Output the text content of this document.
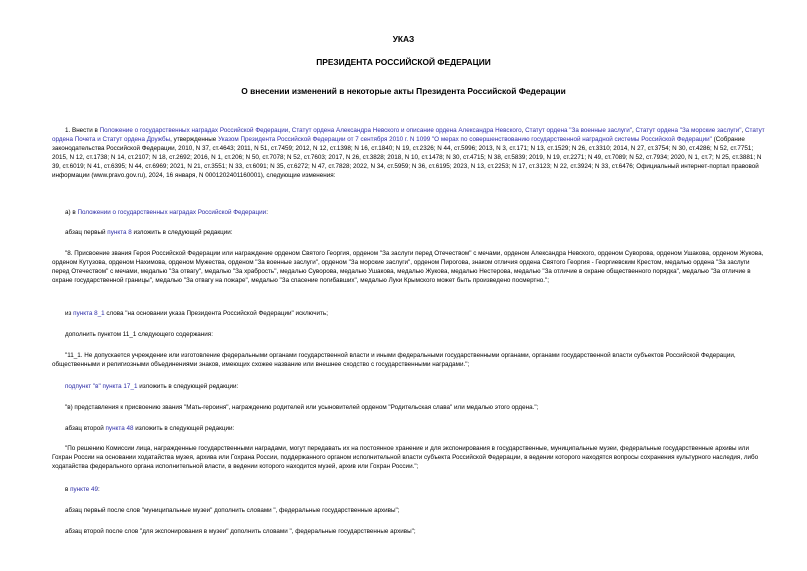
УКАЗ
ПРЕЗИДЕНТА РОССИЙСКОЙ ФЕДЕРАЦИИ
О внесении изменений в некоторые акты Президента Российской Федерации
1. Внести в Положение о государственных наградах Российской Федерации, Статут ордена Александра Невского и описание ордена Александра Невского, Статут ордена "За военные заслуги", Статут ордена "За морские заслуги", Статут ордена Почета и Статут ордена Дружбы, утвержденные Указом Президента Российской Федерации от 7 сентября 2010 г. N 1099 "О мерах по совершенствованию государственной наградной системы Российской Федерации" (Собрание законодательства Российской Федерации, 2010, N 37, ст.4643; 2011, N 51, ст.7459; 2012, N 12, ст.1398; N 16, ст.1840; N 19, ст.2326; N 44, ст.5996; 2013, N 3, ст.171; N 13, ст.1529; N 26, ст.3310; 2014, N 27, ст.3754; N 30, ст.4286; N 52, ст.7751; 2015, N 12, ст.1738; N 14, ст.2107; N 18, ст.2692; 2016, N 1, ст.206; N 50, ст.7078; N 52, ст.7603; 2017, N 26, ст.3828; 2018, N 10, ст.1478; N 30, ст.4715; N 38, ст.5839; 2019, N 19, ст.2271; N 49, ст.7089; N 52, ст.7934; 2020, N 1, ст.7; N 25, ст.3881; N 39, ст.6019; N 41, ст.6395; N 44, ст.6969; 2021, N 21, ст.3551; N 33, ст.6091; N 35, ст.6272; N 47, ст.7828; 2022, N 34, ст.5959; N 36, ст.6195; 2023, N 13, ст.2253; N 17, ст.3123; N 22, ст.3924; N 33, ст.6476; Официальный интернет-портал правовой информации (www.pravo.gov.ru), 2024, 16 января, N 0001202401160001), следующие изменения:
а) в Положении о государственных наградах Российской Федерации:
абзац первый пункта 8 изложить в следующей редакции:
"8. Присвоение звания Героя Российской Федерации или награждение орденом Святого Георгия, орденом "За заслуги перед Отечеством" с мечами, орденом Александра Невского, орденом Суворова, орденом Ушакова, орденом Жукова, орденом Кутузова, орденом Нахимова, орденом Мужества, орденом "За военные заслуги", орденом "За морские заслуги", орденом Пирогова, знаком отличия ордена Святого Георгия - Георгиевским Крестом, медалью ордена "За заслуги перед Отечеством" с мечами, медалью "За отвагу", медалью "За храбрость", медалью Суворова, медалью Ушакова, медалью Жукова, медалью Нестерова, медалью "За отличие в охране общественного порядка", медалью "За отличие в охране государственной границы", медалью "За отвагу на пожаре", медалью "За спасение погибавших", медалью Луки Крымского может быть произведено посмертно.";
из пункта 8_1 слова "на основании указа Президента Российской Федерации" исключить;
дополнить пунктом 11_1 следующего содержания:
"11_1. Не допускается учреждение или изготовление федеральными органами государственной власти и иными федеральными государственными органами, органами государственной власти субъектов Российской Федерации, общественными и религиозными объединениями знаков, имеющих схожее название или внешнее сходство с государственными наградами.";
подпункт "в" пункта 17_1 изложить в следующей редакции:
"в) представления к присвоению звания "Мать-героиня", награждению родителей или усыновителей орденом "Родительская слава" или медалью этого ордена.";
абзац второй пункта 48 изложить в следующей редакции:
"По решению Комиссии лица, награжденные государственными наградами, могут передавать их на постоянное хранение и для экспонирования в государственные, муниципальные музеи, федеральные государственные архивы или Гохран России на основании ходатайства музея, архива или Гохрана России, поддержанного органом исполнительной власти субъекта Российской Федерации, в ведении которого находятся вопросы сохранения культурного наследия, либо ходатайства федерального органа исполнительной власти, в ведении которого находится музей, архив или Гохран России.";
в пункте 49:
абзац первый после слов "муниципальные музеи" дополнить словами ", федеральные государственные архивы";
абзац второй после слов "для экспонирования в музеи" дополнить словами ", федеральные государственные архивы";
